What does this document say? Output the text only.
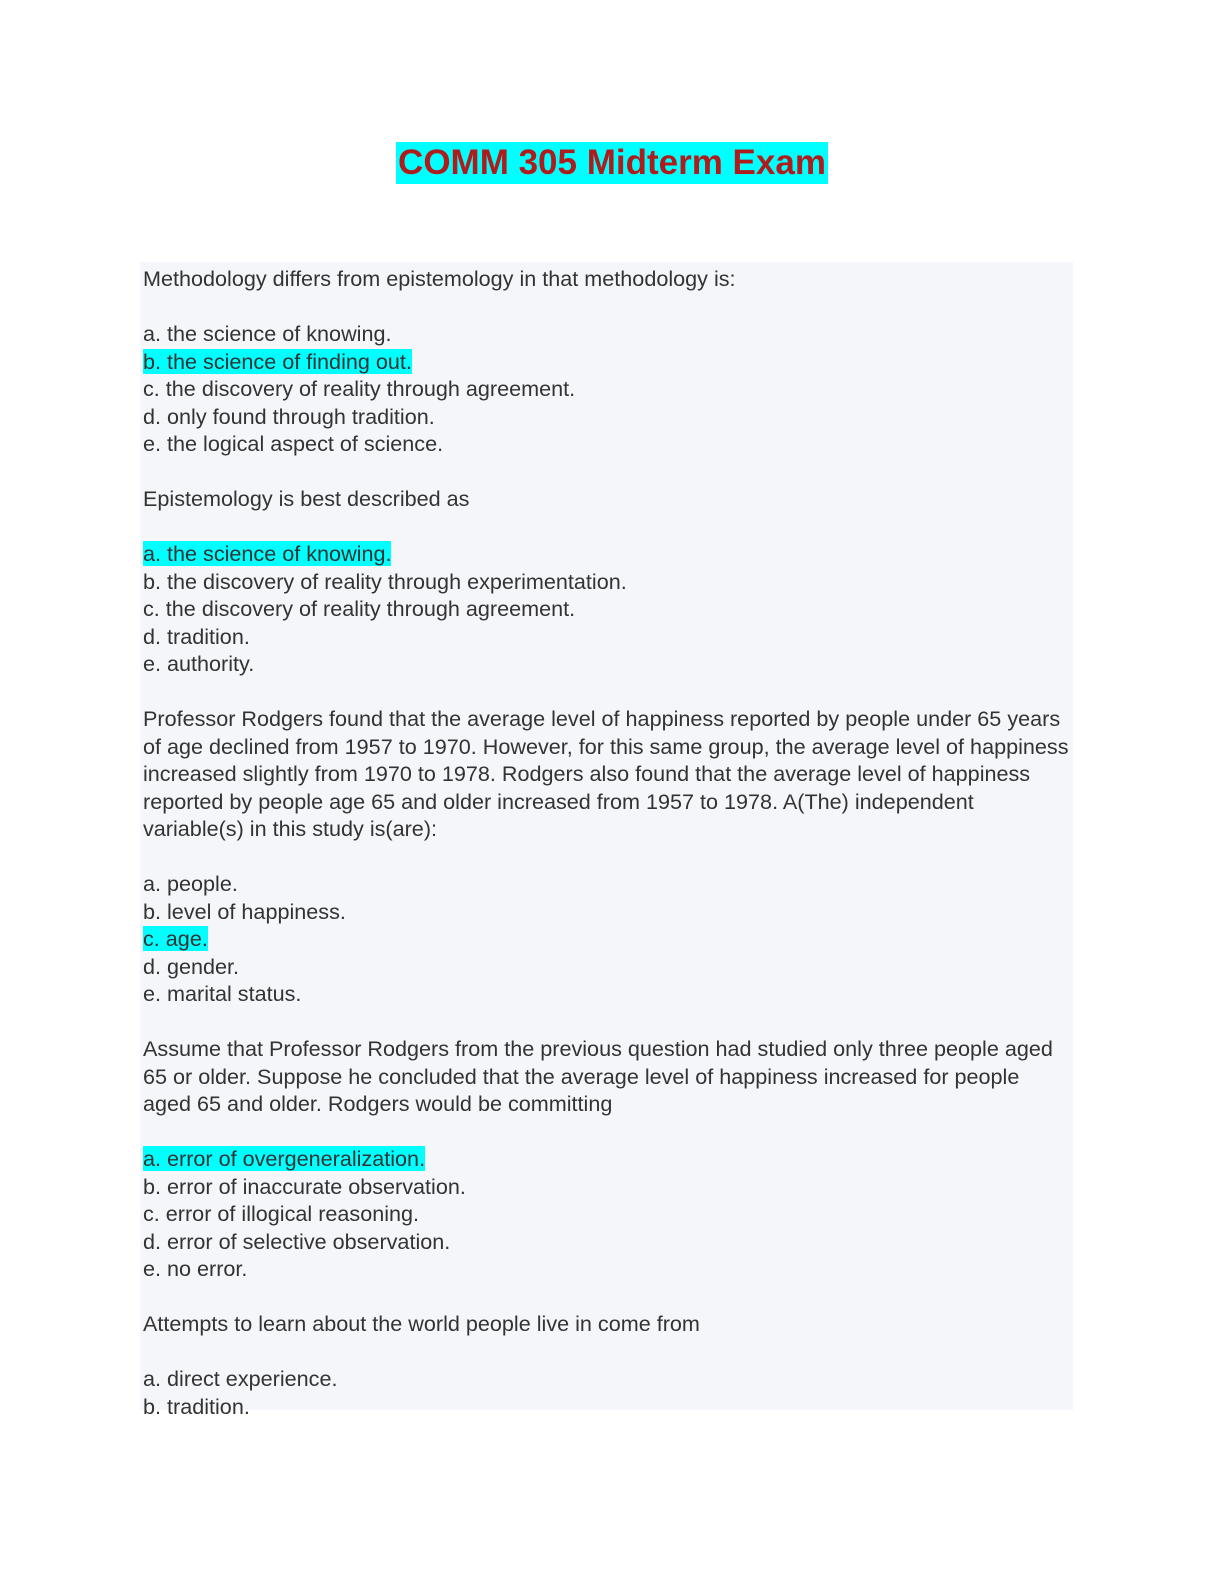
COMM 305 Midterm Exam

Methodology differs from epistemology in that methodology is:

a. the science of knowing.
b. the science of finding out.
c. the discovery of reality through agreement.
d. only found through tradition.
e. the logical aspect of science.

Epistemology is best described as

a. the science of knowing.
b. the discovery of reality through experimentation.
c. the discovery of reality through agreement.
d. tradition.
e. authority.

Professor Rodgers found that the average level of happiness reported by people under 65 years of age declined from 1957 to 1970. However, for this same group, the average level of happiness increased slightly from 1970 to 1978. Rodgers also found that the average level of happiness reported by people age 65 and older increased from 1957 to 1978. A(The) independent variable(s) in this study is(are):

a. people.
b. level of happiness.
c. age.
d. gender.
e. marital status.

Assume that Professor Rodgers from the previous question had studied only three people aged 65 or older. Suppose he concluded that the average level of happiness increased for people aged 65 and older. Rodgers would be committing

a. error of overgeneralization.
b. error of inaccurate observation.
c. error of illogical reasoning.
d. error of selective observation.
e. no error.

Attempts to learn about the world people live in come from

a. direct experience.
b. tradition.
